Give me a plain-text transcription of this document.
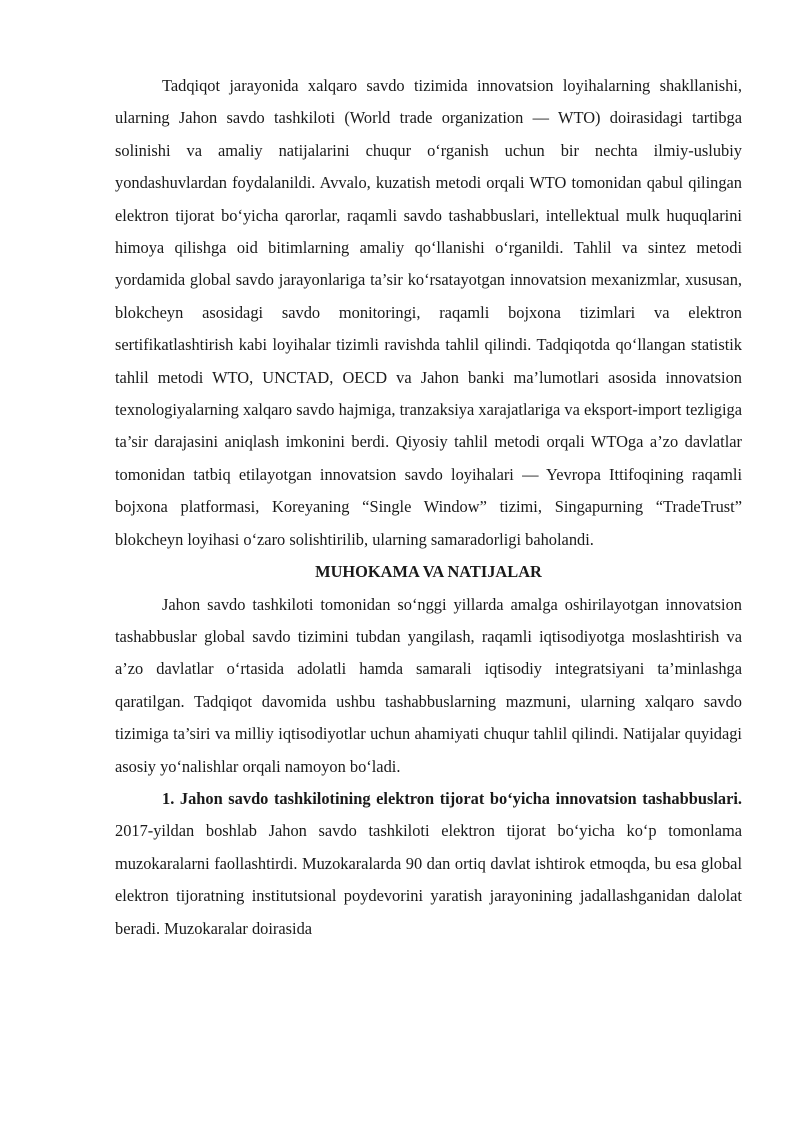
Tadqiqot jarayonida xalqaro savdo tizimida innovatsion loyihalarning shakllanishi, ularning Jahon savdo tashkiloti (World trade organization — WTO) doirasidagi tartibga solinishi va amaliy natijalarini chuqur o‘rganish uchun bir nechta ilmiy-uslubiy yondashuvlardan foydalanildi. Avvalo, kuzatish metodi orqali WTO tomonidan qabul qilingan elektron tijorat bo‘yicha qarorlar, raqamli savdo tashabbuslari, intellektual mulk huquqlarini himoya qilishga oid bitimlarning amaliy qo‘llanishi o‘rganildi. Tahlil va sintez metodi yordamida global savdo jarayonlariga ta’sir ko‘rsatayotgan innovatsion mexanizmlar, xususan, blokcheyn asosidagi savdo monitoringi, raqamli bojxona tizimlari va elektron sertifikatlashtirish kabi loyihalar tizimli ravishda tahlil qilindi. Tadqiqotda qo‘llangan statistik tahlil metodi WTO, UNCTAD, OECD va Jahon banki ma’lumotlari asosida innovatsion texnologiyalarning xalqaro savdo hajmiga, tranzaksiya xarajatlariga va eksport-import tezligiga ta’sir darajasini aniqlash imkonini berdi. Qiyosiy tahlil metodi orqali WTOga a’zo davlatlar tomonidan tatbiq etilayotgan innovatsion savdo loyihalari — Yevropa Ittifoqining raqamli bojxona platformasi, Koreyaning “Single Window” tizimi, Singapurning “TradeTrust” blokcheyn loyihasi o‘zaro solishtirilib, ularning samaradorligi baholandi.

MUHOKAMA VA NATIJALAR

Jahon savdo tashkiloti tomonidan so‘nggi yillarda amalga oshirilayotgan innovatsion tashabbuslar global savdo tizimini tubdan yangilash, raqamli iqtisodiyotga moslashtirish va a’zo davlatlar o‘rtasida adolatli hamda samarali iqtisodiy integratsiyani ta’minlashga qaratilgan. Tadqiqot davomida ushbu tashabbuslarning mazmuni, ularning xalqaro savdo tizimiga ta’siri va milliy iqtisodiyotlar uchun ahamiyati chuqur tahlil qilindi. Natijalar quyidagi asosiy yo‘nalishlar orqali namoyon bo‘ladi.

1. Jahon savdo tashkilotining elektron tijorat bo‘yicha innovatsion tashabbuslari. 2017-yildan boshlab Jahon savdo tashkiloti elektron tijorat bo‘yicha ko‘p tomonlama muzokaralarni faollashtirdi. Muzokaralarda 90 dan ortiq davlat ishtirok etmoqda, bu esa global elektron tijoratning institutsional poydevorini yaratish jarayonining jadallashganidan dalolat beradi. Muzokaralar doirasida
